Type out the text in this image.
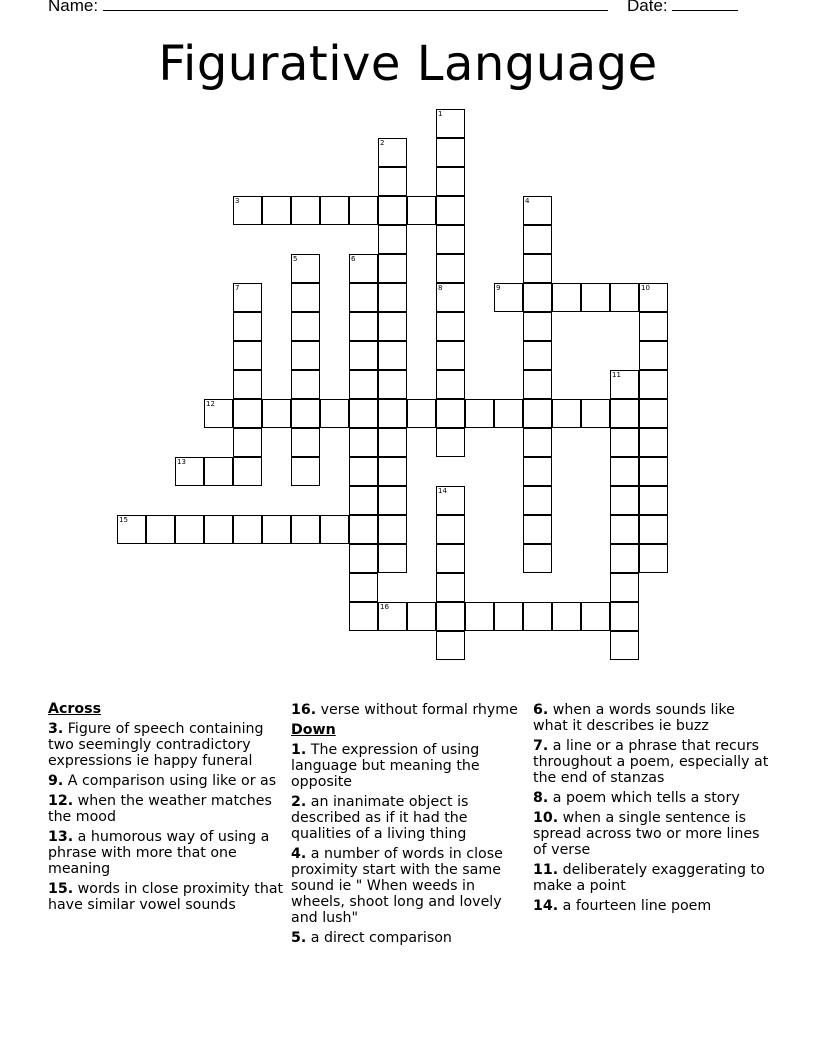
Name:	Date:
Figurative Language
1
2
3	4
5	6
7	8	9	10
11
12
13
14
15
16
Across
3. Figure of speech containing two seemingly contradictory expressions ie happy funeral
9. A comparison using like or as
12. when the weather matches the mood
13. a humorous way of using a phrase with more that one meaning
15. words in close proximity that have similar vowel sounds
16. verse without formal rhyme
Down
1. The expression of using language but meaning the opposite
2. an inanimate object is described as if it had the qualities of a living thing
4. a number of words in close proximity start with the same sound ie " When weeds in wheels, shoot long and lovely and lush"
5. a direct comparison
6. when a words sounds like what it describes ie buzz
7. a line or a phrase that recurs throughout a poem, especially at the end of stanzas
8. a poem which tells a story
10. when a single sentence is spread across two or more lines of verse
11. deliberately exaggerating to make a point
14. a fourteen line poem
